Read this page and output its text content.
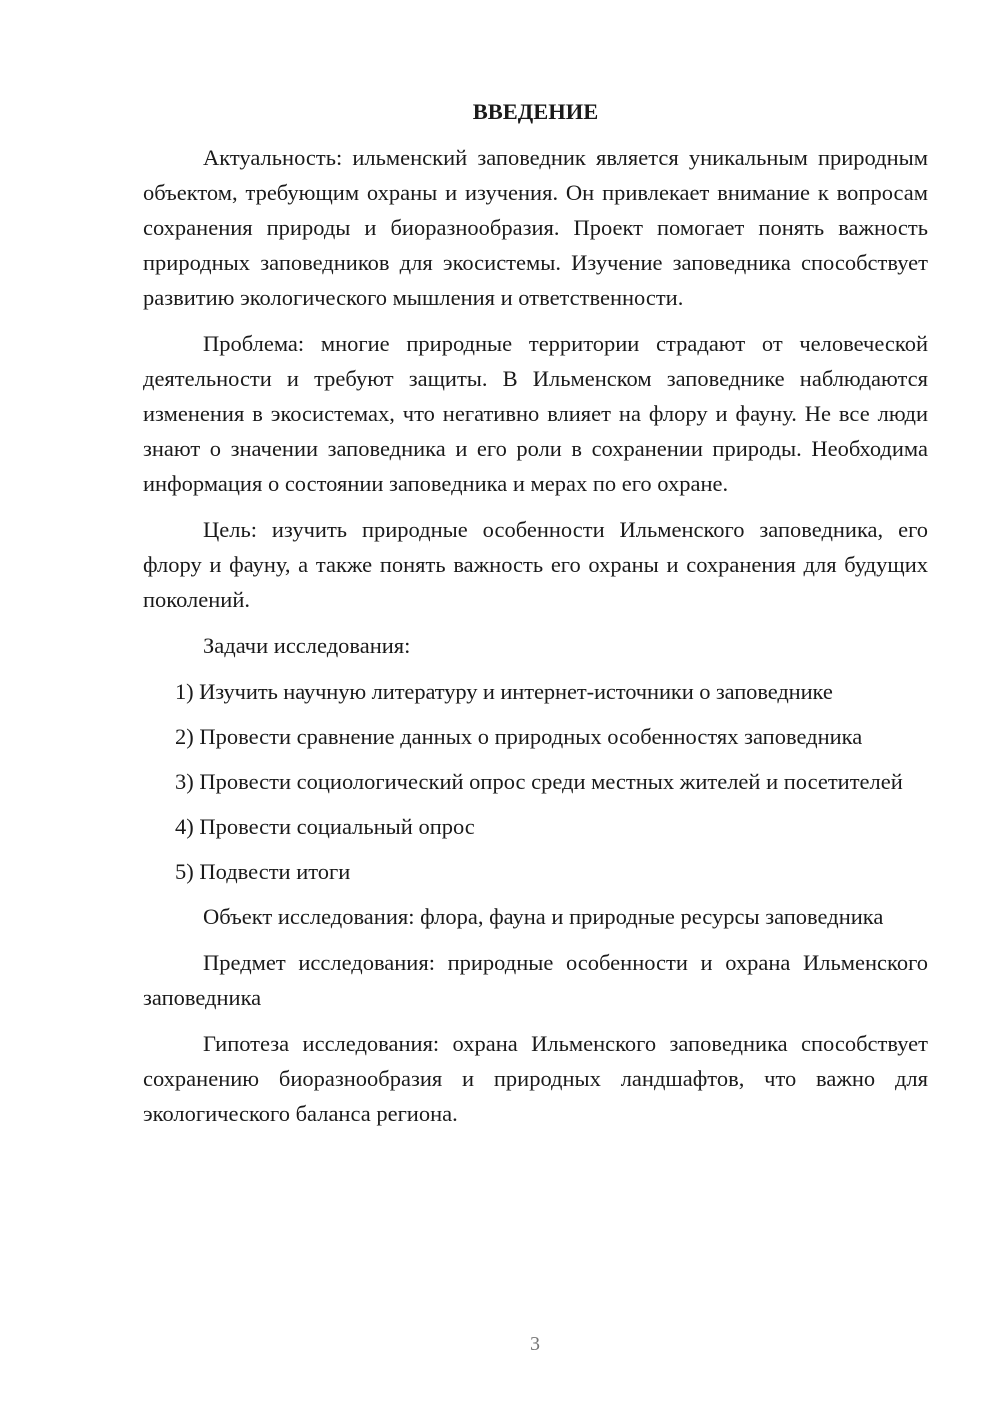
ВВЕДЕНИЕ

Актуальность: ильменский заповедник является уникальным природным объектом, требующим охраны и изучения. Он привлекает внимание к вопросам сохранения природы и биоразнообразия. Проект помогает понять важность природных заповедников для экосистемы. Изучение заповедника способствует развитию экологического мышления и ответственности.

Проблема: многие природные территории страдают от человеческой деятельности и требуют защиты. В Ильменском заповеднике наблюдаются изменения в экосистемах, что негативно влияет на флору и фауну. Не все люди знают о значении заповедника и его роли в сохранении природы. Необходима информация о состоянии заповедника и мерах по его охране.

Цель: изучить природные особенности Ильменского заповедника, его флору и фауну, а также понять важность его охраны и сохранения для будущих поколений.

Задачи исследования:

1) Изучить научную литературу и интернет-источники о заповеднике

2) Провести сравнение данных о природных особенностях заповедника

3) Провести социологический опрос среди местных жителей и посетителей

4) Провести социальный опрос

5) Подвести итоги

Объект исследования: флора, фауна и природные ресурсы заповедника

Предмет исследования: природные особенности и охрана Ильменского заповедника

Гипотеза исследования: охрана Ильменского заповедника способствует сохранению биоразнообразия и природных ландшафтов, что важно для экологического баланса региона.

3
